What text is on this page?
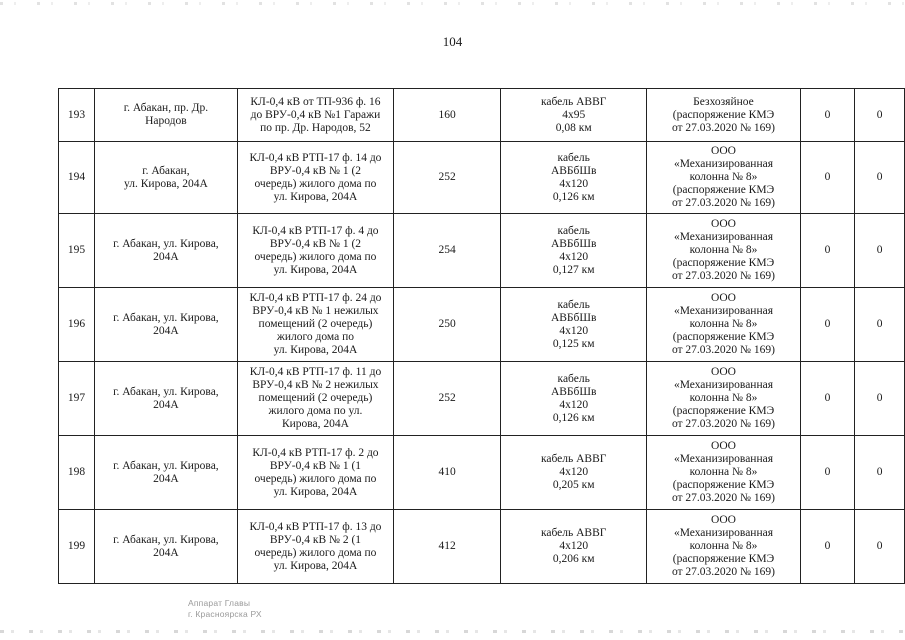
104
193	г. Абакан, пр. Др.
Народов	КЛ-0,4 кВ от ТП-936 ф. 16
до ВРУ-0,4 кВ №1 Гаражи
по пр. Др. Народов, 52	160	кабель АВВГ
4х95
0,08 км	Безхозяйное
(распоряжение КМЭ
от 27.03.2020 № 169)	0	0
194	г. Абакан,
ул. Кирова, 204А	КЛ-0,4 кВ РТП-17 ф. 14 до
ВРУ-0,4 кВ № 1 (2
очередь) жилого дома по
ул. Кирова, 204А	252	кабель
АВБбШв
4х120
0,126 км	ООО
«Механизированная
колонна № 8»
(распоряжение КМЭ
от 27.03.2020 № 169)	0	0
195	г. Абакан, ул. Кирова,
204А	КЛ-0,4 кВ РТП-17 ф. 4 до
ВРУ-0,4 кВ № 1 (2
очередь) жилого дома по
ул. Кирова, 204А	254	кабель
АВБбШв
4х120
0,127 км	ООО
«Механизированная
колонна № 8»
(распоряжение КМЭ
от 27.03.2020 № 169)	0	0
196	г. Абакан, ул. Кирова,
204А	КЛ-0,4 кВ РТП-17 ф. 24 до
ВРУ-0,4 кВ № 1 нежилых
помещений (2 очередь)
жилого дома по
ул. Кирова, 204А	250	кабель
АВБбШв
4х120
0,125 км	ООО
«Механизированная
колонна № 8»
(распоряжение КМЭ
от 27.03.2020 № 169)	0	0
197	г. Абакан, ул. Кирова,
204А	КЛ-0,4 кВ РТП-17 ф. 11 до
ВРУ-0,4 кВ № 2 нежилых
помещений (2 очередь)
жилого дома по ул.
Кирова, 204А	252	кабель
АВБбШв
4х120
0,126 км	ООО
«Механизированная
колонна № 8»
(распоряжение КМЭ
от 27.03.2020 № 169)	0	0
198	г. Абакан, ул. Кирова,
204А	КЛ-0,4 кВ РТП-17 ф. 2 до
ВРУ-0,4 кВ № 1 (1
очередь) жилого дома по
ул. Кирова, 204А	410	кабель АВВГ
4х120
0,205 км	ООО
«Механизированная
колонна № 8»
(распоряжение КМЭ
от 27.03.2020 № 169)	0	0
199	г. Абакан, ул. Кирова,
204А	КЛ-0,4 кВ РТП-17 ф. 13 до
ВРУ-0,4 кВ № 2 (1
очередь) жилого дома по
ул. Кирова, 204А	412	кабель АВВГ
4х120
0,206 км	ООО
«Механизированная
колонна № 8»
(распоряжение КМЭ
от 27.03.2020 № 169)	0	0
Аппарат Главы
г. Красноярска РХ
